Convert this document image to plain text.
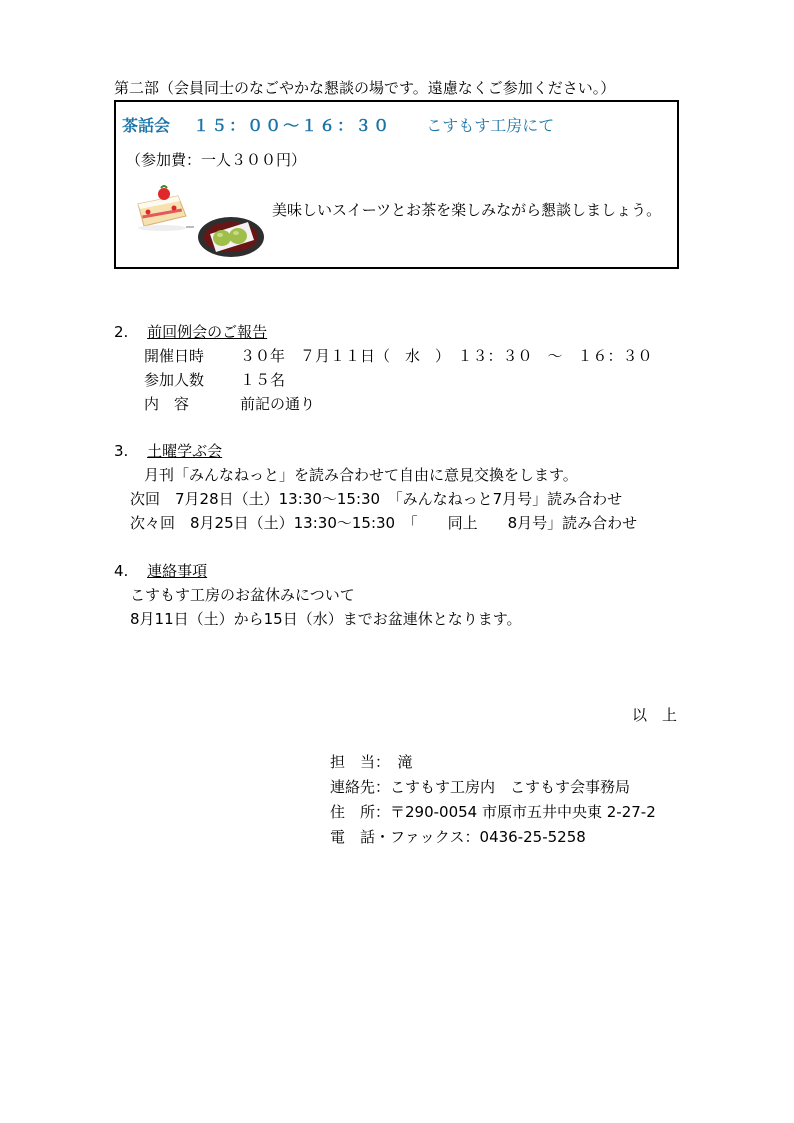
第二部（会員同士のなごやかな懇談の場です。遠慮なくご参加ください。）
茶話会 １５：００～１６：３０ こすもす工房にて
（参加費：一人３００円）
美味しいスイーツとお茶を楽しみながら懇談しましょう。
2. 前回例会のご報告
開催日時 ３０年　７月１１日（　水　）　１３：３０　～　１６：３０
参加人数 １５名
内　容	前記の通り
3. 土曜学ぶ会
月刊「みんなねっと」を読み合わせて自由に意見交換をします。
次回　7月28日（土）13:30～15:30　「みんなねっと7月号」読み合わせ
次々回　8月25日（土）13:30～15:30　「　　同上　　8月号」読み合わせ
4. 連絡事項
こすもす工房のお盆休みについて
8月11日（土）から15日（水）までお盆連休となります。
以　上
担　当：　滝
連絡先：こすもす工房内　こすもす会事務局
住　所：〒290-0054 市原市五井中央東 2-27-2
電　話・ファックス：0436-25-5258
